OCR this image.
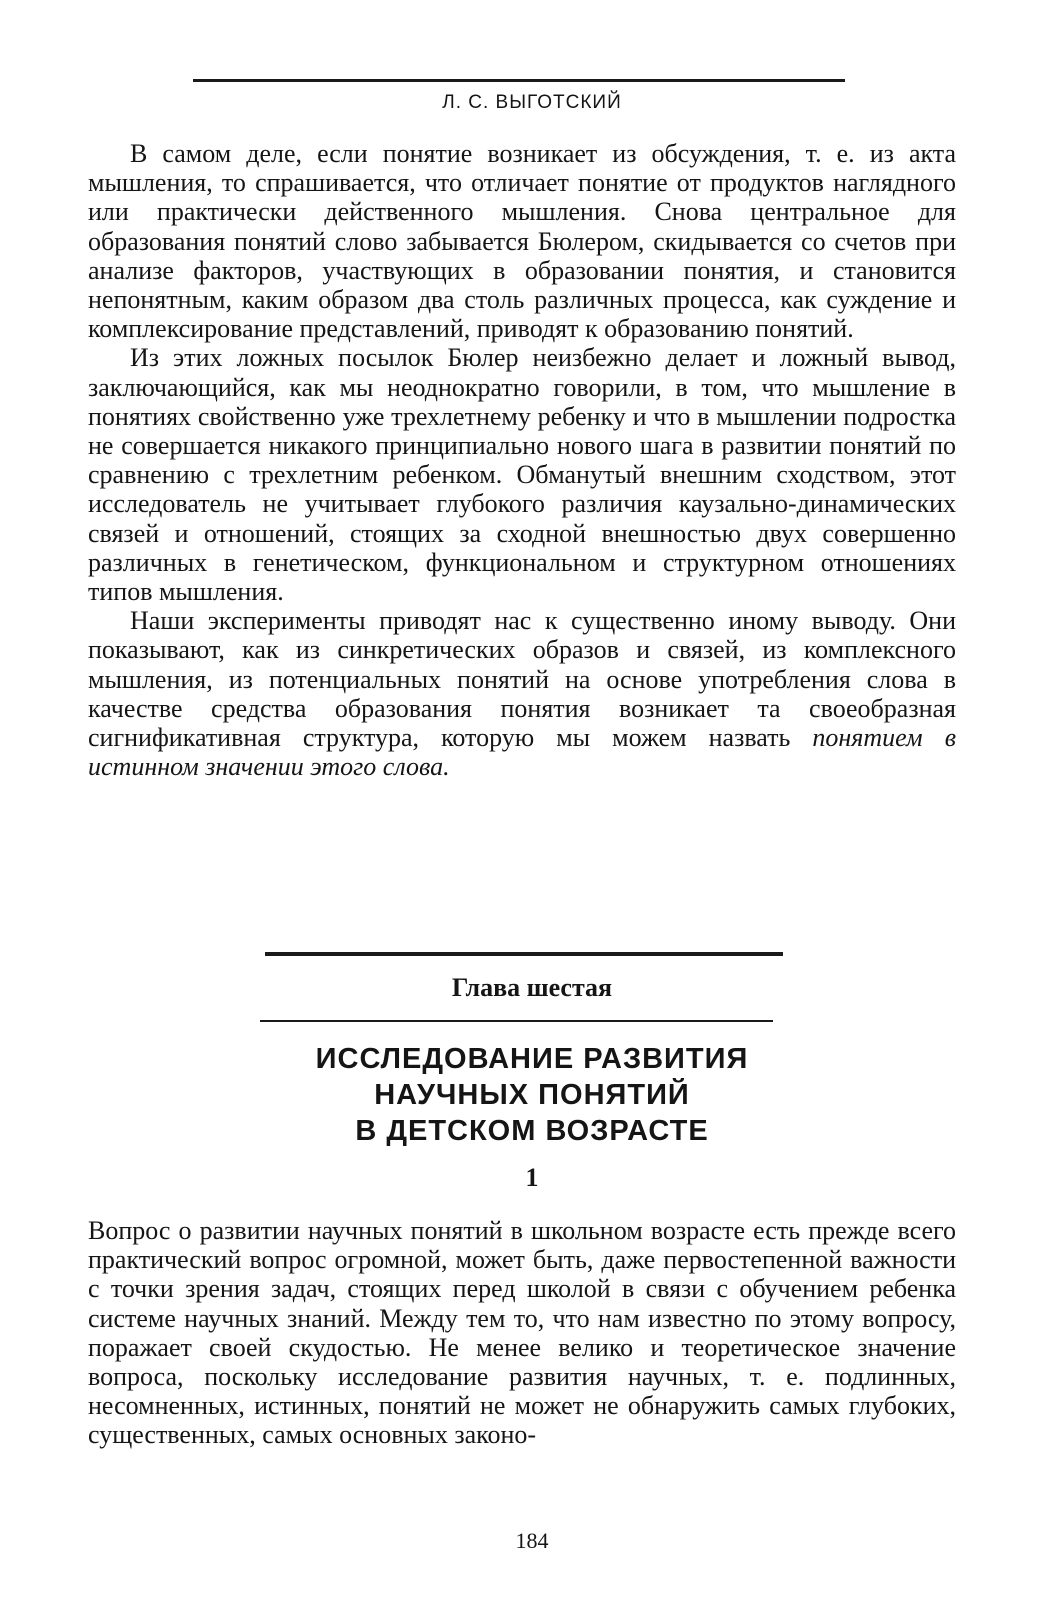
Л. С. ВЫГОТСКИЙ

В самом деле, если понятие возникает из обсуждения, т. е. из акта мышления, то спрашивается, что отличает понятие от продуктов наглядного или практически действенного мышления. Снова центральное для образования понятий слово забывается Бюлером, скидывается со счетов при анализе факторов, участвующих в образовании понятия, и становится непонятным, каким образом два столь различных процесса, как суждение и комплексирование представлений, приводят к образованию понятий.

Из этих ложных посылок Бюлер неизбежно делает и ложный вывод, заключающийся, как мы неоднократно говорили, в том, что мышление в понятиях свойственно уже трехлетнему ребенку и что в мышлении подростка не совершается никакого принципиально нового шага в развитии понятий по сравнению с трехлетним ребенком. Обманутый внешним сходством, этот исследователь не учитывает глубокого различия каузально-динамических связей и отношений, стоящих за сходной внешностью двух совершенно различных в генетическом, функциональном и структурном отношениях типов мышления.

Наши эксперименты приводят нас к существенно иному выводу. Они показывают, как из синкретических образов и связей, из комплексного мышления, из потенциальных понятий на основе употребления слова в качестве средства образования понятия возникает та своеобразная сигнификативная структура, которую мы можем назвать понятием в истинном значении этого слова.

Глава шестая
ИССЛЕДОВАНИЕ РАЗВИТИЯ
НАУЧНЫХ ПОНЯТИЙ
В ДЕТСКОМ ВОЗРАСТЕ
1

Вопрос о развитии научных понятий в школьном возрасте есть прежде всего практический вопрос огромной, может быть, даже первостепенной важности с точки зрения задач, стоящих перед школой в связи с обучением ребенка системе научных знаний. Между тем то, что нам известно по этому вопросу, поражает своей скудостью. Не менее велико и теоретическое значение вопроса, поскольку исследование развития научных, т. е. подлинных, несомненных, истинных, понятий не может не обнаружить самых глубоких, существенных, самых основных законо-

184
